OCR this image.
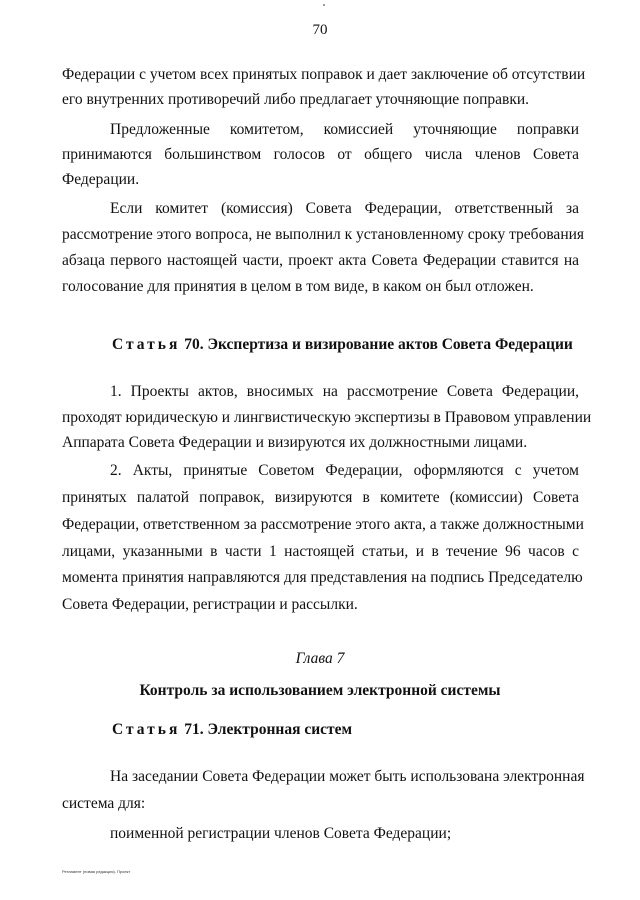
70
Федерации с учетом всех принятых поправок и дает заключение об отсутствии
его внутренних противоречий либо предлагает уточняющие поправки.
Предложенные комитетом, комиссией уточняющие поправки
принимаются большинством голосов от общего числа членов Совета
Федерации.
Если комитет (комиссия) Совета Федерации, ответственный за
рассмотрение этого вопроса, не выполнил к установленному сроку требования
абзаца первого настоящей части, проект акта Совета Федерации ставится на
голосование для принятия в целом в том виде, в каком он был отложен.
Статья 70. Экспертиза и визирование актов Совета Федерации
1. Проекты актов, вносимых на рассмотрение Совета Федерации,
проходят юридическую и лингвистическую экспертизы в Правовом управлении
Аппарата Совета Федерации и визируются их должностными лицами.
2. Акты, принятые Советом Федерации, оформляются с учетом
принятых палатой поправок, визируются в комитете (комиссии) Совета
Федерации, ответственном за рассмотрение этого акта, а также должностными
лицами, указанными в части 1 настоящей статьи, и в течение 96 часов с
момента принятия направляются для представления на подпись Председателю
Совета Федерации, регистрации и рассылки.
Глава 7
Контроль за использованием электронной системы
Статья 71. Электронная систем
На заседании Совета Федерации может быть использована электронная
система для:
поименной регистрации членов Совета Федерации;
Регламент (новая редакция). Проект
